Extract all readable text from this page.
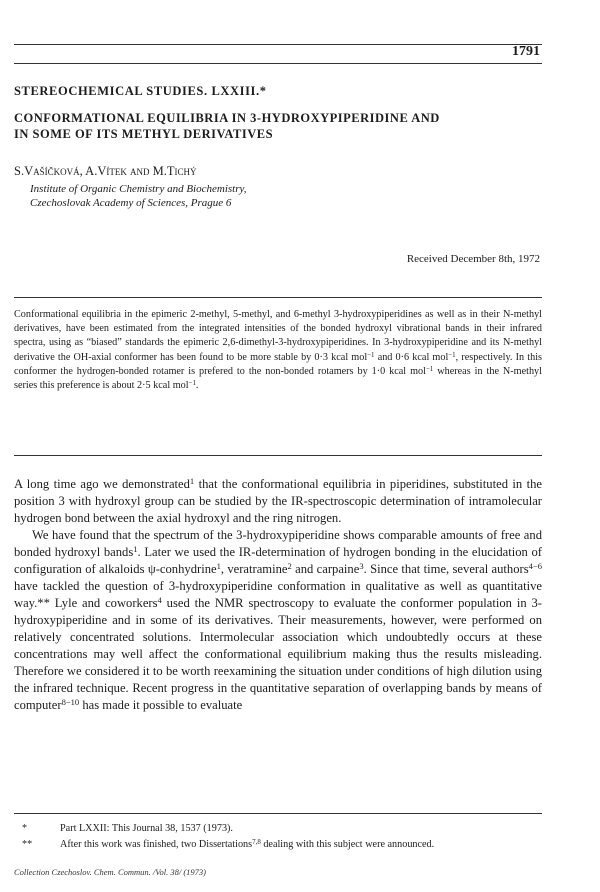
1791
STEREOCHEMICAL STUDIES. LXXIII.*
CONFORMATIONAL EQUILIBRIA IN 3-HYDROXYPIPERIDINE AND
IN SOME OF ITS METHYL DERIVATIVES
S.Vašíčková, A.Vítek and M.Tichý
Institute of Organic Chemistry and Biochemistry,
Czechoslovak Academy of Sciences, Prague 6
Received December 8th, 1972
Conformational equilibria in the epimeric 2-methyl, 5-methyl, and 6-methyl 3-hydroxypiperidines as well as in their N-methyl derivatives, have been estimated from the integrated intensities of the bonded hydroxyl vibrational bands in their infrared spectra, using as “biased” standards the epimeric 2,6-dimethyl-3-hydroxypiperidines. In 3-hydroxypiperidine and its N-methyl derivative the OH-axial conformer has been found to be more stable by 0·3 kcal mol$^{-1}$ and 0·6 kcal mol$^{-1}$, respectively. In this conformer the hydrogen-bonded rotamer is prefered to the non-bonded rotamers by 1·0 kcal mol$^{-1}$ whereas in the N-methyl series this preference is about 2·5 kcal mol$^{-1}$.

A long time ago we demonstrated$^1$ that the conformational equilibria in piperidines, substituted in the position 3 with hydroxyl group can be studied by the IR-spectroscopic determination of intramolecular hydrogen bond between the axial hydroxyl and the ring nitrogen.

We have found that the spectrum of the 3-hydroxypiperidine shows comparable amounts of free and bonded hydroxyl bands$^1$. Later we used the IR-determination of hydrogen bonding in the elucidation of configuration of alkaloids ψ-conhydrine$^1$, veratramine$^2$ and carpaine$^3$. Since that time, several authors$^{4-6}$ have tackled the question of 3-hydroxypiperidine conformation in qualitative as well as quantitative way.** Lyle and coworkers$^4$ used the NMR spectroscopy to evaluate the conformer population in 3-hydroxypiperidine and in some of its derivatives. Their measurements, however, were performed on relatively concentrated solutions. Intermolecular association which undoubtedly occurs at these concentrations may well affect the conformational equilibrium making thus the results misleading. Therefore we considered it to be worth reexamining the situation under conditions of high dilution using the infrared technique. Recent progress in the quantitative separation of overlapping bands by means of computer$^{8-10}$ has made it possible to evaluate

*	Part LXXII: This Journal 38, 1537 (1973).
**	After this work was finished, two Dissertations$^{7,8}$ dealing with this subject were announced.
Collection Czechoslov. Chem. Commun. /Vol. 38/ (1973)
